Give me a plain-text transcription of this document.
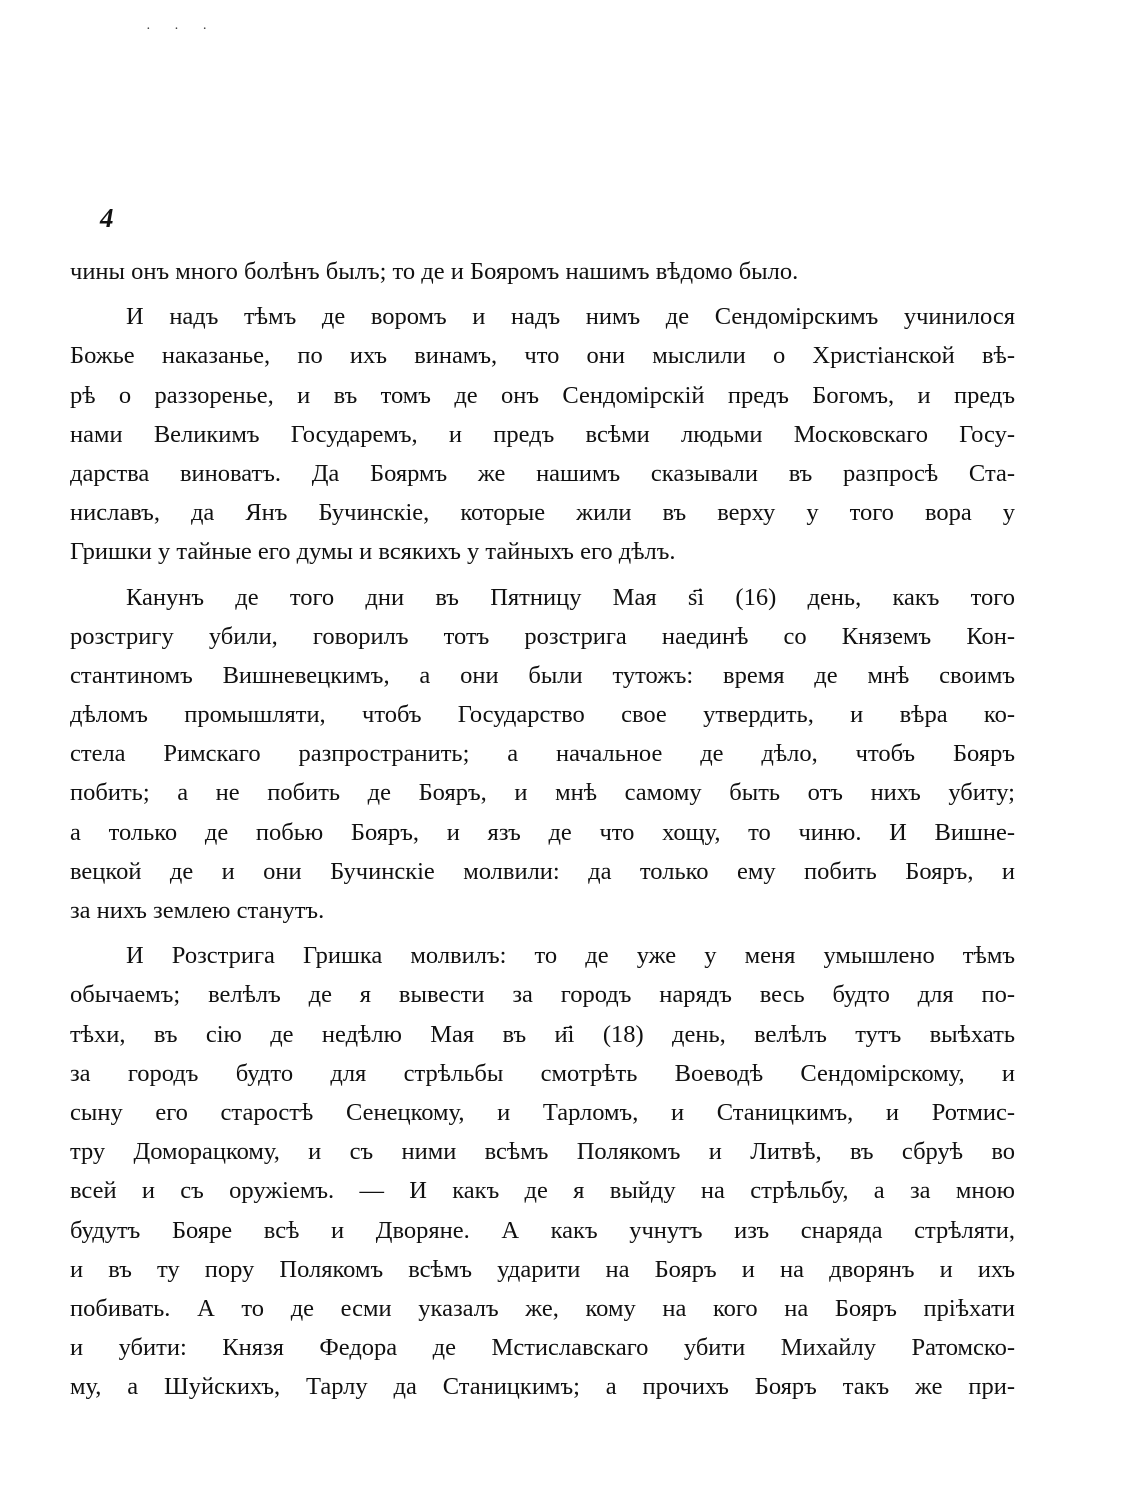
· · ·
4
чины онъ много болѣнъ былъ; то де и Бояромъ нашимъ вѣдомо было.
И надъ тѣмъ де воромъ и надъ нимъ де Сендомірскимъ учинилося
Божье наказанье, по ихъ винамъ, что они мыслили о Христіанской вѣ-
рѣ о раззоренье, и въ томъ де онъ Сендомірскій предъ Богомъ, и предъ
нами Великимъ Государемъ, и предъ всѣми людьми Московскаго Госу-
дарства виноватъ. Да Боярмъ же нашимъ сказывали въ разпросѣ Ста-
ниславъ, да Янъ Бучинскіе, которые жили въ верху у того вора у
Гришки у тайные его думы и всякихъ у тайныхъ его дѣлъ.
Канунъ де того дни въ Пятницу Мая ѕ҃і (16) день, какъ того
розстригу убили, говорилъ тотъ розстрига наединѣ со Княземъ Кон-
стантиномъ Вишневецкимъ, а они были тутожъ: время де мнѣ своимъ
дѣломъ промышляти, чтобъ Государство свое утвердить, и вѣра ко-
стела Римскаго разпространить; а начальное де дѣло, чтобъ Бояръ
побить; а не побить де Бояръ, и мнѣ самому быть отъ нихъ убиту;
а только де побью Бояръ, и язъ де что хощу, то чиню. И Вишне-
вецкой де и они Бучинскіе молвили: да только ему побить Бояръ, и
за нихъ землею станутъ.
И Розстрига Гришка молвилъ: то де уже у меня умышлено тѣмъ
обычаемъ; велѣлъ де я вывести за городъ нарядъ весь будто для по-
тѣхи, въ сію де недѣлю Мая въ и҃і (18) день, велѣлъ тутъ выѣхать
за городъ будто для стрѣльбы смотрѣть Воеводѣ Сендомірскому, и
сыну его старостѣ Сенецкому, и Тарломъ, и Станицкимъ, и Ротмис-
тру Доморацкому, и съ ними всѣмъ Полякомъ и Литвѣ, въ сбруѣ во
всей и съ оружіемъ. — И какъ де я выйду на стрѣльбу, а за мною
будутъ Бояре всѣ и Дворяне. А какъ учнутъ изъ снаряда стрѣляти,
и въ ту пору Полякомъ всѣмъ ударити на Бояръ и на дворянъ и ихъ
побивать. А то де есми указалъ же, кому на кого на Бояръ пріѣхати
и убити: Князя Федора де Мстиславскаго убити Михайлу Ратомско-
му, а Шуйскихъ, Тарлу да Станицкимъ; а прочихъ Бояръ такъ же при-
